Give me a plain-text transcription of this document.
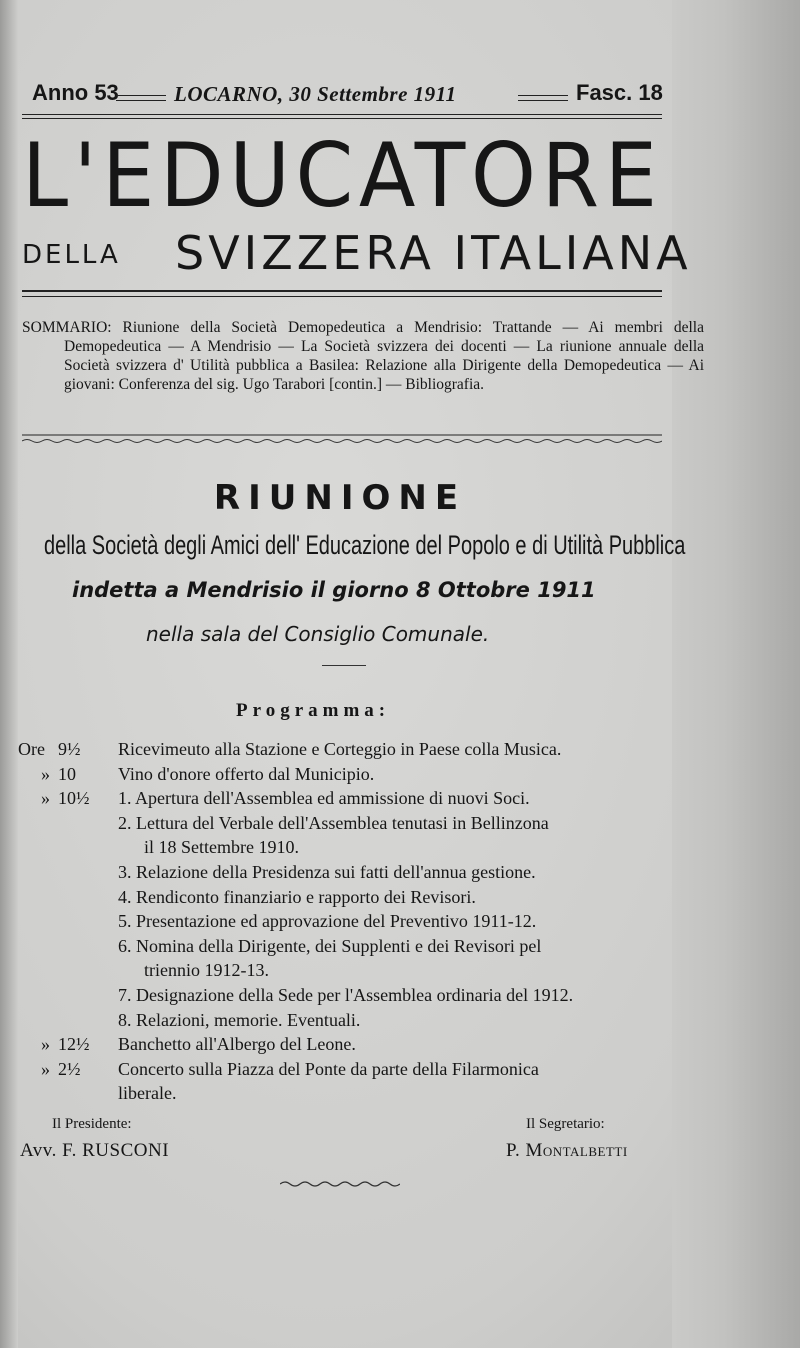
Anno 53	LOCARNO, 30 Settembre 1911	Fasc. 18
L'EDUCATORE
DELLA SVIZZERA ITALIANA
SOMMARIO: Riunione della Società Demopedeutica a Mendrisio: Trattande — Ai membri della Demopedeutica — A Mendrisio — La Società svizzera dei docenti — La riunione annuale della Società svizzera d' Utilità pubblica a Basilea: Relazione alla Dirigente della Demopedeutica — Ai giovani: Conferenza del sig. Ugo Tarabori [contin.] — Bibliografia.
RIUNIONE
della Società degli Amici dell' Educazione del Popolo e di Utilità Pubblica
indetta a Mendrisio il giorno 8 Ottobre 1911
nella sala del Consiglio Comunale.
Programma:
Ore 9½	Ricevimeuto alla Stazione e Corteggio in Paese colla Musica.
» 10	Vino d'onore offerto dal Municipio.
» 10½	1. Apertura dell'Assemblea ed ammissione di nuovi Soci.
2. Lettura del Verbale dell'Assemblea tenutasi in Bellinzona
il 18 Settembre 1910.
3. Relazione della Presidenza sui fatti dell'annua gestione.
4. Rendiconto finanziario e rapporto dei Revisori.
5. Presentazione ed approvazione del Preventivo 1911-12.
6. Nomina della Dirigente, dei Supplenti e dei Revisori pel
triennio 1912-13.
7. Designazione della Sede per l'Assemblea ordinaria del 1912.
8. Relazioni, memorie. Eventuali.
» 12½	Banchetto all'Albergo del Leone.
» 2½	Concerto sulla Piazza del Ponte da parte della Filarmonica
liberale.
Il Presidente:
Avv. F. RUSCONI
Il Segretario:
P. Montalbetti
